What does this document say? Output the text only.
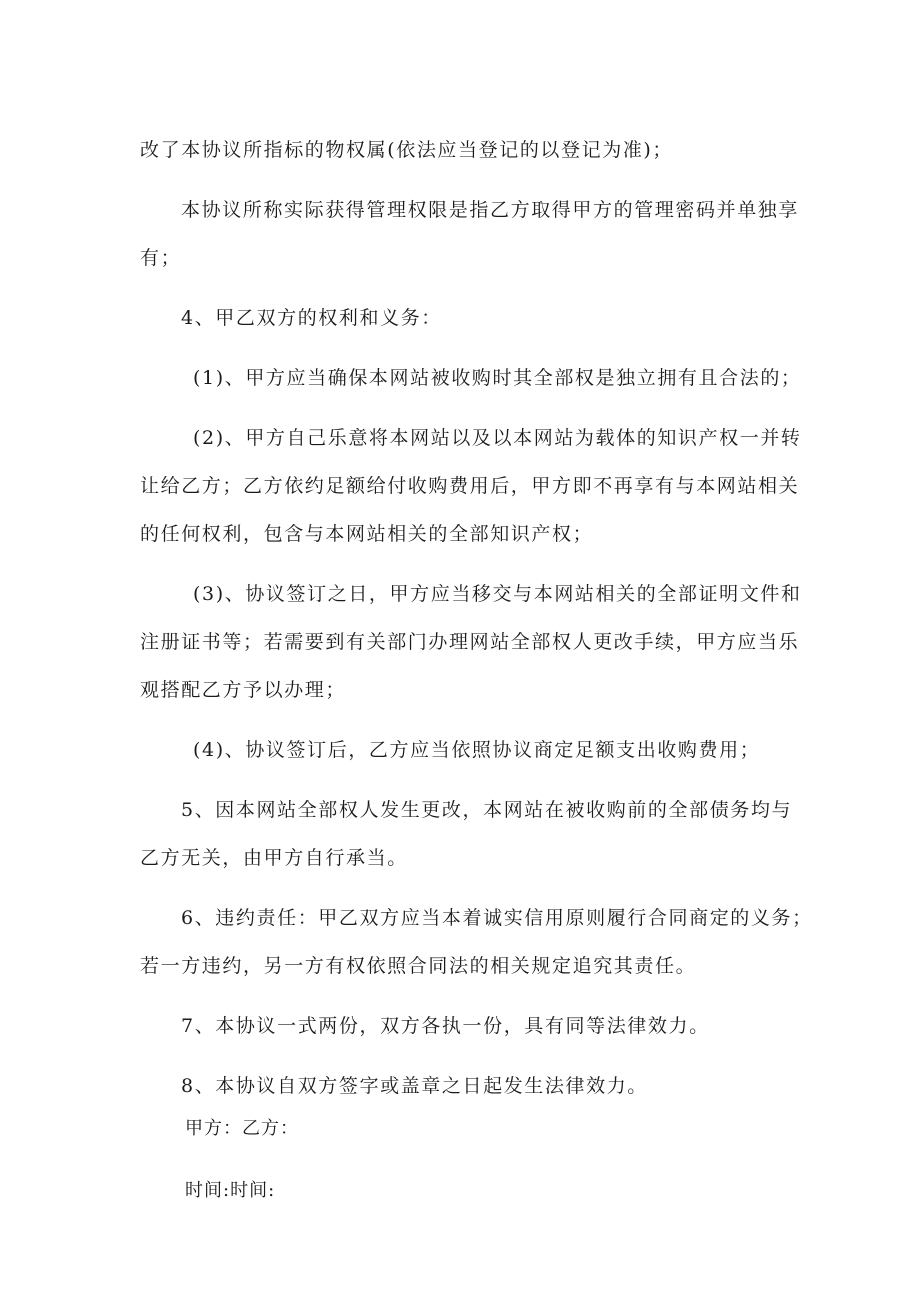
改了本协议所指标的物权属(依法应当登记的以登记为准)；
本协议所称实际获得管理权限是指乙方取得甲方的管理密码并单独享
有；
4、甲乙双方的权利和义务：
(1)、甲方应当确保本网站被收购时其全部权是独立拥有且合法的；
(2)、甲方自己乐意将本网站以及以本网站为载体的知识产权一并转
让给乙方；乙方依约足额给付收购费用后，甲方即不再享有与本网站相关
的任何权利，包含与本网站相关的全部知识产权；
(3)、协议签订之日，甲方应当移交与本网站相关的全部证明文件和
注册证书等；若需要到有关部门办理网站全部权人更改手续，甲方应当乐
观搭配乙方予以办理；
(4)、协议签订后，乙方应当依照协议商定足额支出收购费用；
5、因本网站全部权人发生更改，本网站在被收购前的全部债务均与
乙方无关，由甲方自行承当。
6、违约责任：甲乙双方应当本着诚实信用原则履行合同商定的义务；
若一方违约，另一方有权依照合同法的相关规定追究其责任。
7、本协议一式两份，双方各执一份，具有同等法律效力。
8、本协议自双方签字或盖章之日起发生法律效力。
甲方：乙方：
时间:时间:
